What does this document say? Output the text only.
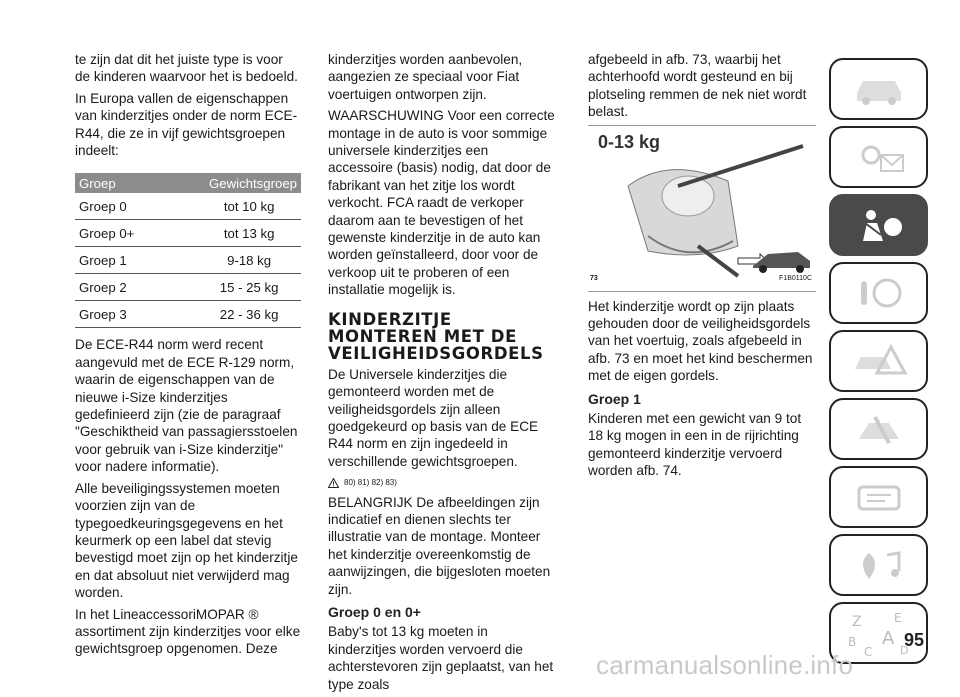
te zijn dat dit het juiste type is voor de kinderen waarvoor het is bedoeld.

In Europa vallen de eigenschappen van kinderzitjes onder de norm ECE-R44, die ze in vijf gewichtsgroepen indeelt:

Groep	Gewichtsgroep
Groep 0	tot 10 kg
Groep 0+	tot 13 kg
Groep 1	9-18 kg
Groep 2	15 - 25 kg
Groep 3	22 - 36 kg

De ECE-R44 norm werd recent aangevuld met de ECE R-129 norm, waarin de eigenschappen van de nieuwe i-Size kinderzitjes gedefinieerd zijn (zie de paragraaf "Geschiktheid van passagiersstoelen voor gebruik van i-Size kinderzitje" voor nadere informatie).

Alle beveiligingssystemen moeten voorzien zijn van de typegoedkeuringsgegevens en het keurmerk op een label dat stevig bevestigd moet zijn op het kinderzitje en dat absoluut niet verwijderd mag worden.

In het LineaccessoriMOPAR ® assortiment zijn kinderzitjes voor elke gewichtsgroep opgenomen. Deze

kinderzitjes worden aanbevolen, aangezien ze speciaal voor Fiat voertuigen ontworpen zijn.

WAARSCHUWING Voor een correcte montage in de auto is voor sommige universele kinderzitjes een accessoire (basis) nodig, dat door de fabrikant van het zitje los wordt verkocht. FCA raadt de verkoper daarom aan te bevestigen of het gewenste kinderzitje in de auto kan worden geïnstalleerd, door voor de verkoop uit te proberen of een installatie mogelijk is.

KINDERZITJE MONTEREN MET DE VEILIGHEIDSGORDELS

De Universele kinderzitjes die gemonteerd worden met de veiligheidsgordels zijn alleen goedgekeurd op basis van de ECE R44 norm en zijn ingedeeld in verschillende gewichtsgroepen.

80) 81) 82) 83)

BELANGRIJK De afbeeldingen zijn indicatief en dienen slechts ter illustratie van de montage. Monteer het kinderzitje overeenkomstig de aanwijzingen, die bijgesloten moeten zijn.

Groep 0 en 0+

Baby's tot 13 kg moeten in kinderzitjes worden vervoerd die achterstevoren zijn geplaatst, van het type zoals

afgebeeld in afb. 73, waarbij het achterhoofd wordt gesteund en bij plotseling remmen de nek niet wordt belast.

0-13 kg
73	F1B0110C

Het kinderzitje wordt op zijn plaats gehouden door de veiligheidsgordels van het voertuig, zoals afgebeeld in afb. 73 en moet het kind beschermen met de eigen gordels.

Groep 1

Kinderen met een gewicht van 9 tot 18 kg mogen in een in de rijrichting gemonteerd kinderzitje vervoerd worden afb. 74.

Z	E
B A
C	D
95
carmanualsonline.info
